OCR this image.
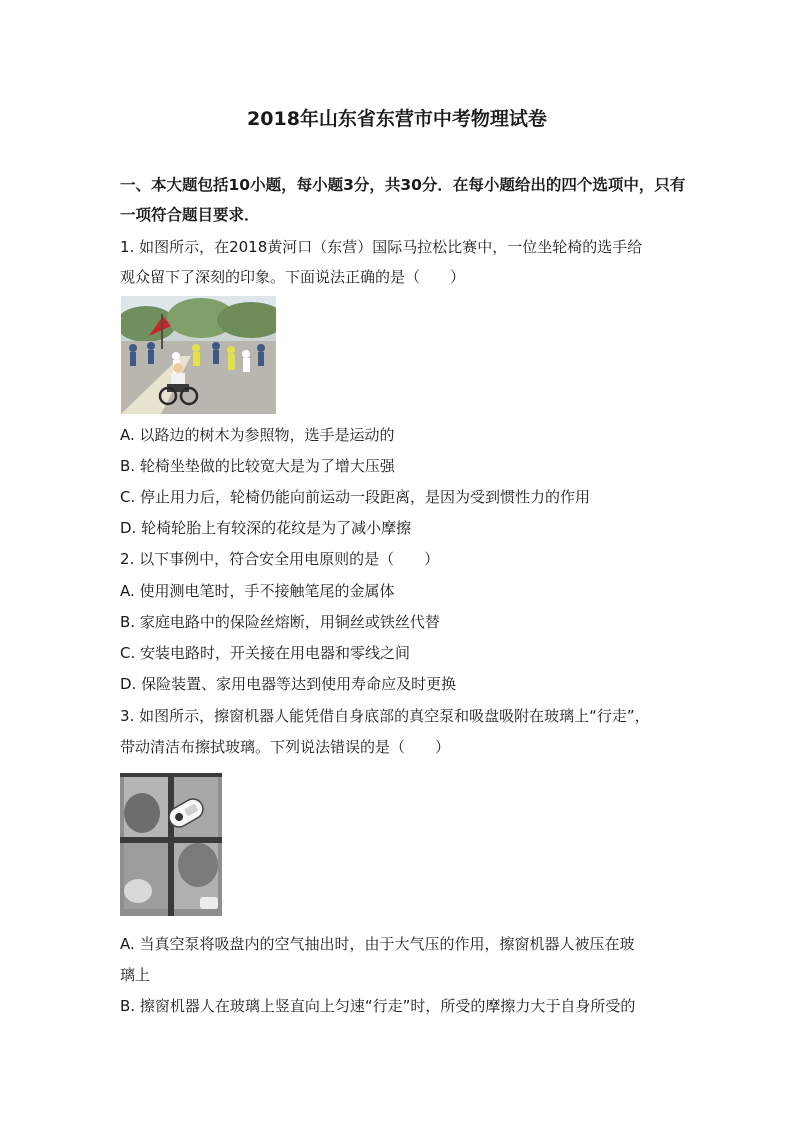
2018年山东省东营市中考物理试卷
一、本大题包括10小题，每小题3分，共30分．在每小题给出的四个选项中，只有一项符合题目要求．
1. 如图所示，在2018黄河口（东营）国际马拉松比赛中，一位坐轮椅的选手给
观众留下了深刻的印象。下面说法正确的是（　　）
A. 以路边的树木为参照物，选手是运动的
B. 轮椅坐垫做的比较宽大是为了增大压强
C. 停止用力后，轮椅仍能向前运动一段距离，是因为受到惯性力的作用
D. 轮椅轮胎上有较深的花纹是为了减小摩擦
2. 以下事例中，符合安全用电原则的是（　　）
A. 使用测电笔时，手不接触笔尾的金属体
B. 家庭电路中的保险丝熔断，用铜丝或铁丝代替
C. 安装电路时，开关接在用电器和零线之间
D. 保险装置、家用电器等达到使用寿命应及时更换
3. 如图所示，擦窗机器人能凭借自身底部的真空泵和吸盘吸附在玻璃上“行走”，
带动清洁布擦拭玻璃。下列说法错误的是（　　）
A. 当真空泵将吸盘内的空气抽出时，由于大气压的作用，擦窗机器人被压在玻
璃上
B. 擦窗机器人在玻璃上竖直向上匀速“行走”时，所受的摩擦力大于自身所受的
